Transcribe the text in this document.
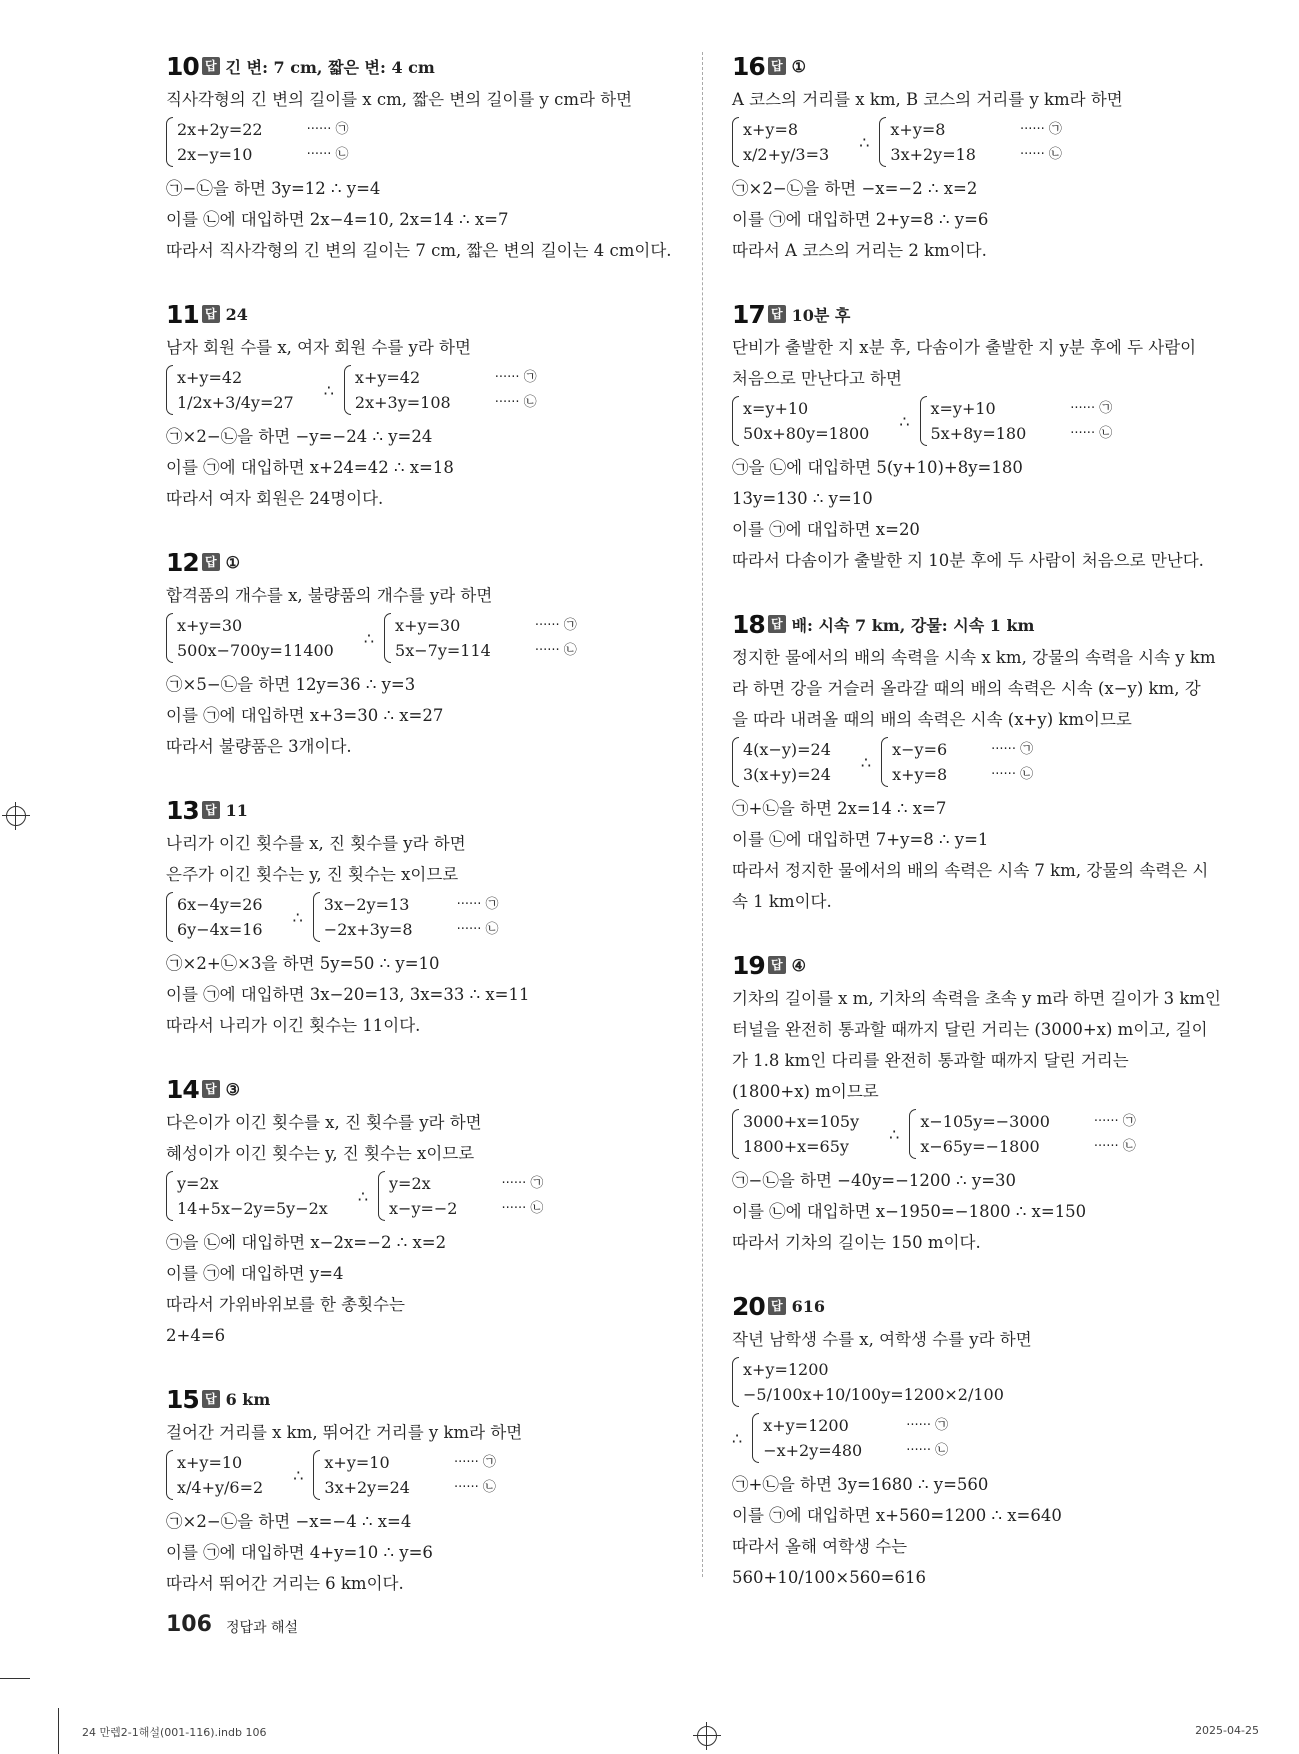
10 답 긴 변: 7 cm, 짧은 변: 4 cm
직사각형의 긴 변의 길이를 x cm, 짧은 변의 길이를 y cm라 하면
2x+2y=22
2x−y=10
······ ㉠
······ ㉡
㉠−㉡을 하면 3y=12 ∴ y=4
이를 ㉡에 대입하면 2x−4=10, 2x=14 ∴ x=7
따라서 직사각형의 긴 변의 길이는 7 cm, 짧은 변의 길이는 4 cm이다.
11 답 24
남자 회원 수를 x, 여자 회원 수를 y라 하면
x+y=42
1/2x+3/4y=27
∴
x+y=42
2x+3y=108
······ ㉠
······ ㉡
㉠×2−㉡을 하면 −y=−24 ∴ y=24
이를 ㉠에 대입하면 x+24=42 ∴ x=18
따라서 여자 회원은 24명이다.
12 답 ①
합격품의 개수를 x, 불량품의 개수를 y라 하면
x+y=30
500x−700y=11400
∴
x+y=30
5x−7y=114
······ ㉠
······ ㉡
㉠×5−㉡을 하면 12y=36 ∴ y=3
이를 ㉠에 대입하면 x+3=30 ∴ x=27
따라서 불량품은 3개이다.
13 답 11
나리가 이긴 횟수를 x, 진 횟수를 y라 하면
은주가 이긴 횟수는 y, 진 횟수는 x이므로
6x−4y=26
6y−4x=16
∴
3x−2y=13
−2x+3y=8
······ ㉠
······ ㉡
㉠×2+㉡×3을 하면 5y=50 ∴ y=10
이를 ㉠에 대입하면 3x−20=13, 3x=33 ∴ x=11
따라서 나리가 이긴 횟수는 11이다.
14 답 ③
다은이가 이긴 횟수를 x, 진 횟수를 y라 하면
혜성이가 이긴 횟수는 y, 진 횟수는 x이므로
y=2x
14+5x−2y=5y−2x
∴
y=2x
x−y=−2
······ ㉠
······ ㉡
㉠을 ㉡에 대입하면 x−2x=−2 ∴ x=2
이를 ㉠에 대입하면 y=4
따라서 가위바위보를 한 총횟수는
2+4=6
15 답 6 km
걸어간 거리를 x km, 뛰어간 거리를 y km라 하면
x+y=10
x/4+y/6=2
∴
x+y=10
3x+2y=24
······ ㉠
······ ㉡
㉠×2−㉡을 하면 −x=−4 ∴ x=4
이를 ㉠에 대입하면 4+y=10 ∴ y=6
따라서 뛰어간 거리는 6 km이다.
16 답 ①
A 코스의 거리를 x km, B 코스의 거리를 y km라 하면
x+y=8
x/2+y/3=3
∴
x+y=8
3x+2y=18
······ ㉠
······ ㉡
㉠×2−㉡을 하면 −x=−2 ∴ x=2
이를 ㉠에 대입하면 2+y=8 ∴ y=6
따라서 A 코스의 거리는 2 km이다.
17 답 10분 후
단비가 출발한 지 x분 후, 다솜이가 출발한 지 y분 후에 두 사람이
처음으로 만난다고 하면
x=y+10
50x+80y=1800
∴
x=y+10
5x+8y=180
······ ㉠
······ ㉡
㉠을 ㉡에 대입하면 5(y+10)+8y=180
13y=130 ∴ y=10
이를 ㉠에 대입하면 x=20
따라서 다솜이가 출발한 지 10분 후에 두 사람이 처음으로 만난다.
18 답 배: 시속 7 km, 강물: 시속 1 km
정지한 물에서의 배의 속력을 시속 x km, 강물의 속력을 시속 y km
라 하면 강을 거슬러 올라갈 때의 배의 속력은 시속 (x−y) km, 강
을 따라 내려올 때의 배의 속력은 시속 (x+y) km이므로
4(x−y)=24
3(x+y)=24
∴
x−y=6
x+y=8
······ ㉠
······ ㉡
㉠+㉡을 하면 2x=14 ∴ x=7
이를 ㉡에 대입하면 7+y=8 ∴ y=1
따라서 정지한 물에서의 배의 속력은 시속 7 km, 강물의 속력은 시
속 1 km이다.
19 답 ④
기차의 길이를 x m, 기차의 속력을 초속 y m라 하면 길이가 3 km인
터널을 완전히 통과할 때까지 달린 거리는 (3000+x) m이고, 길이
가 1.8 km인 다리를 완전히 통과할 때까지 달린 거리는
(1800+x) m이므로
3000+x=105y
1800+x=65y
∴
x−105y=−3000
x−65y=−1800
······ ㉠
······ ㉡
㉠−㉡을 하면 −40y=−1200 ∴ y=30
이를 ㉡에 대입하면 x−1950=−1800 ∴ x=150
따라서 기차의 길이는 150 m이다.
20 답 616
작년 남학생 수를 x, 여학생 수를 y라 하면
x+y=1200
−5/100x+10/100y=1200×2/100
∴
x+y=1200
−x+2y=480
······ ㉠
······ ㉡
㉠+㉡을 하면 3y=1680 ∴ y=560
이를 ㉠에 대입하면 x+560=1200 ∴ x=640
따라서 올해 여학생 수는
560+10/100×560=616
106 정답과 해설
24 만렙2-1해설(001-116).indb 106	2025-04-25
